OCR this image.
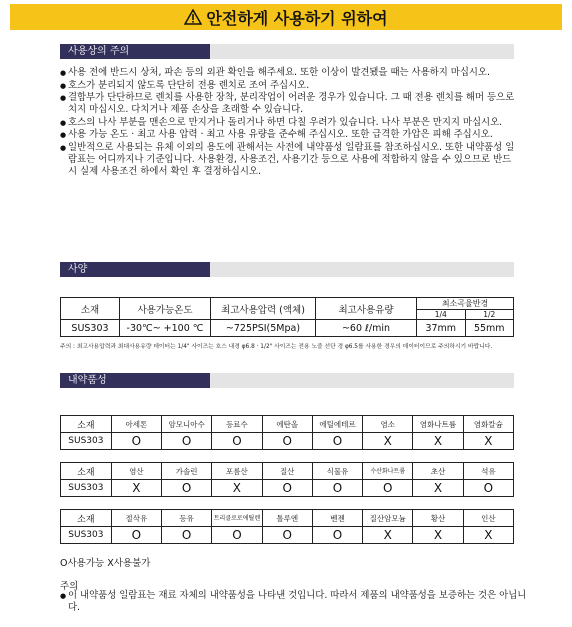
안전하게 사용하기 위하여
사용상의 주의
● 사용 전에 반드시 상처, 파손 등의 외관 확인을 해주세요. 또한 이상이 발견됐을 때는 사용하지 마십시오.
● 호스가 분리되지 않도록 단단히 전용 렌치로 조여 주십시오.
● 결합부가 단단하므로 렌치를 사용한 장착, 분리작업이 어려운 경우가 있습니다. 그 때 전용 렌치를 해머 등으로 치지 마십시오. 다치거나 제품 손상을 초래할 수 있습니다.
● 호스의 나사 부분을 맨손으로 만지거나 돌리거나 하면 다칠 우려가 있습니다. 나사 부분은 만지지 마십시오.
● 사용 가능 온도 · 최고 사용 압력 · 최고 사용 유량을 준수해 주십시오. 또한 급격한 가압은 피해 주십시오.
● 일반적으로 사용되는 유체 이외의 용도에 관해서는 사전에 내약품성 일람표를 참조하십시오. 또한 내약품성 일람표는 어디까지나 기준입니다. 사용환경, 사용조건, 사용기간 등으로 사용에 적합하지 않을 수 있으므로 반드시 실제 사용조건 하에서 확인 후 결정하십시오.
사양
소재	사용가능온도	최고사용압력 (액체)	최고사용유량	최소곡율반경	
				1/4	1/2
SUS303	-30℃~ +100 ℃	~725PSI(5Mpa)	~60 ℓ/min	37mm	55mm
주의 : 최고사용압력과 최대사용유량 데이터는 1/4" 사이즈는 호스 내경 φ6.8 · 1/2" 사이즈는 전용 노즐 선단 경 φ6.5를 사용한 경우의 데이터이므로 주의하시기 바랍니다.
내약품성
소재	아세톤	암모니아수	등료수	에탄올	에틸에테르	염소	염화나트륨	염화칼슘
SUS303	O	O	O	O	O	X	X	X
소재	염산	가솔린	포름산	질산	식물유	수산화나트륨	초산	석유
SUS303	X	O	X	O	O	O	X	O
소재	절삭유	등유	트리클로로에틸렌	톨루엔	벤젠	질산암모늄	황산	인산
SUS303	O	O	O	O	O	X	X	X
O사용가능 X사용불가
주의
● 이 내약품성 일람표는 재료 자체의 내약품성을 나타낸 것입니다. 따라서 제품의 내약품성을 보증하는 것은 아닙니다.
